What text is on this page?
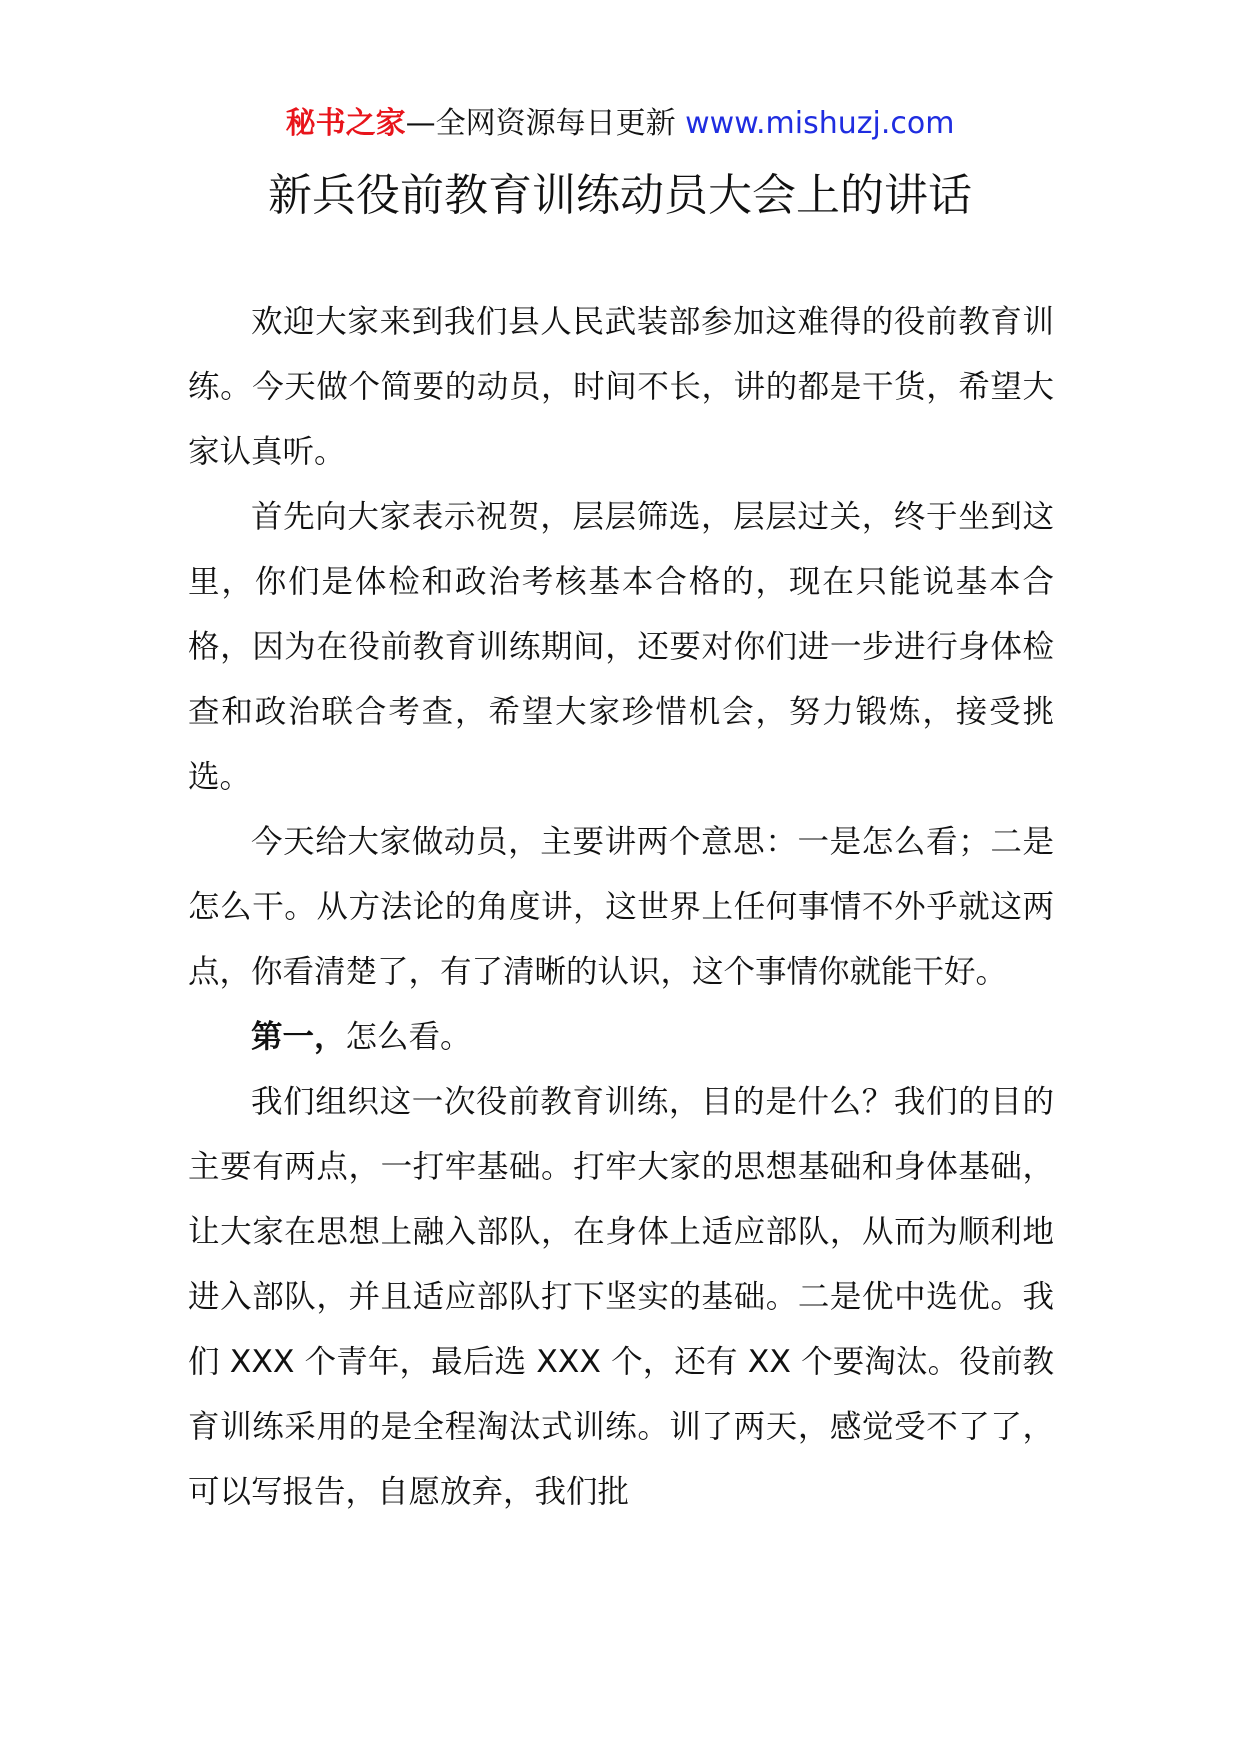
秘书之家—全网资源每日更新 www.mishuzj.com
新兵役前教育训练动员大会上的讲话

欢迎大家来到我们县人民武装部参加这难得的役前教育训练。今天做个简要的动员，时间不长，讲的都是干货，希望大家认真听。

首先向大家表示祝贺，层层筛选，层层过关，终于坐到这里，你们是体检和政治考核基本合格的，现在只能说基本合格，因为在役前教育训练期间，还要对你们进一步进行身体检查和政治联合考查，希望大家珍惜机会，努力锻炼，接受挑选。

今天给大家做动员，主要讲两个意思：一是怎么看；二是怎么干。从方法论的角度讲，这世界上任何事情不外乎就这两点，你看清楚了，有了清晰的认识，这个事情你就能干好。

第一，怎么看。

我们组织这一次役前教育训练，目的是什么？我们的目的主要有两点，一打牢基础。打牢大家的思想基础和身体基础，让大家在思想上融入部队，在身体上适应部队，从而为顺利地进入部队，并且适应部队打下坚实的基础。二是优中选优。我们 XXX 个青年，最后选 XXX 个，还有 XX 个要淘汰。役前教育训练采用的是全程淘汰式训练。训了两天，感觉受不了了，可以写报告，自愿放弃，我们批
